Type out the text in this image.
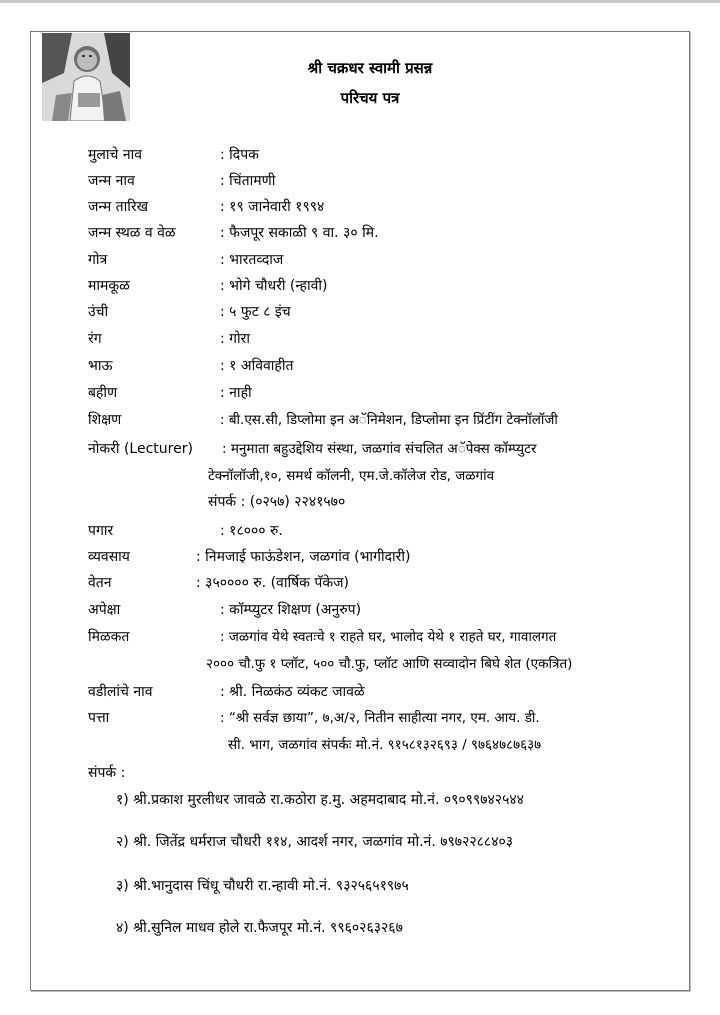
श्री चक्रधर स्वामी प्रसन्न
परिचय पत्र
मुलाचे नाव	: दिपक
जन्म नाव	: चिंतामणी
जन्म तारिख	: १९ जानेवारी १९९४
जन्म स्थळ व वेळ	: फैजपूर सकाळी ९ वा. ३० मि.
गोत्र	: भारतव्दाज
मामकूळ	: भोगे चौधरी (न्हावी)
उंची	: ५ फुट ८ इंच
रंग	: गोरा
भाऊ	: १ अविवाहीत
बहीण	: नाही
शिक्षण	: बी.एस.सी, डिप्लोमा इन अॅनिमेशन, डिप्लोमा इन प्रिंटींग टेक्नॉलॉजी
नोकरी (Lecturer) : मनुमाता बहुउद्देशिय संस्था, जळगांव संचलित अॅपेक्स कॉम्प्युटर
टेक्नॉलॉजी,१०, समर्थ कॉलनी, एम.जे.कॉलेज रोड, जळगांव
संपर्क : (०२५७) २२४१५७०
पगार	: १८००० रु.
व्यवसाय	: निमजाई फाऊंडेशन, जळगांव (भागीदारी)
वेतन	: ३५०००० रु. (वार्षिक पॅकेज)
अपेक्षा	: कॉम्प्युटर शिक्षण (अनुरुप)
मिळकत	: जळगांव येथे स्वतःचे १ राहते घर, भालोद येथे १ राहते घर, गावालगत
२००० चौ.फु १ प्लॉट, ५०० चौ.फु, प्लॉट आणि सव्वादोन बिघे शेत (एकत्रित)
वडीलांचे नाव	: श्री. निळकंठ व्यंकट जावळे
पत्ता	: “श्री सर्वज्ञ छाया”, ७,अ/२, नितीन साहीत्या नगर, एम. आय. डी.
सी. भाग, जळगांव संपर्कः मो.नं. ९१५८१३२६९३ / ९७६४७८७६३७
संपर्क :
१) श्री.प्रकाश मुरलीधर जावळे रा.कठोरा ह.मु. अहमदाबाद मो.नं. ०९०९९७४२५४४
२) श्री. जितेंद्र धर्मराज चौधरी ११४, आदर्श नगर, जळगांव मो.नं. ७९७२२८८४०३
३) श्री.भानुदास चिंधू चौधरी रा.न्हावी मो.नं. ९३२५६५१९७५
४) श्री.सुनिल माधव होले रा.फैजपूर मो.नं. ९९६०२६३२६७
